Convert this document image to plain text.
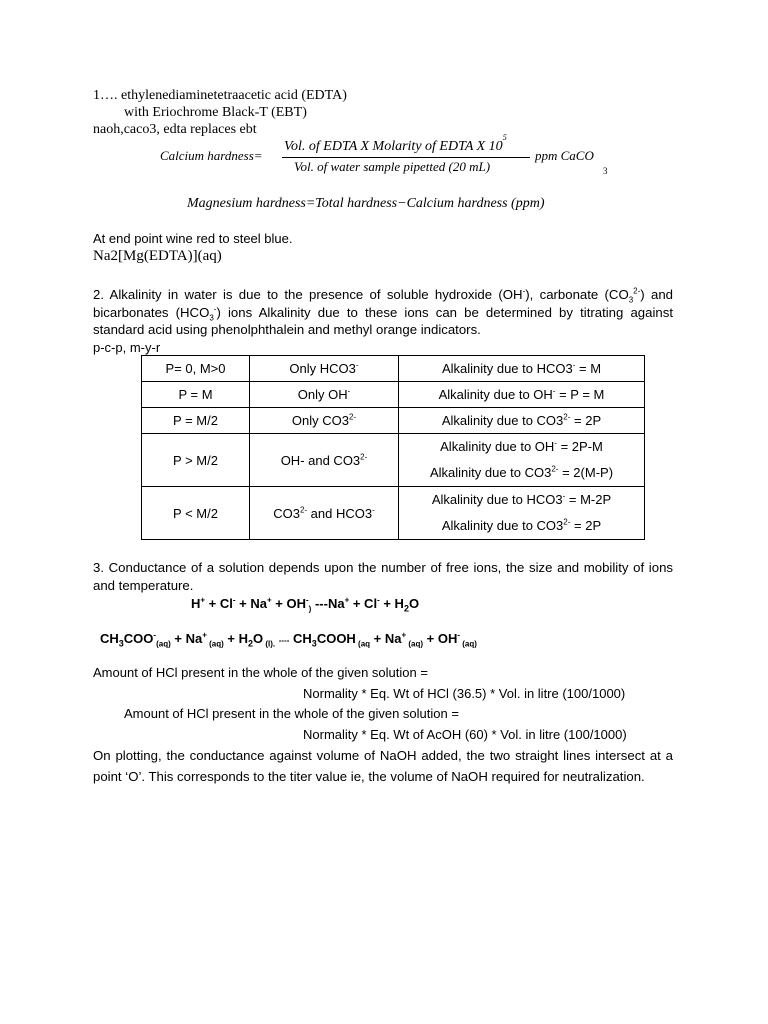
1…. ethylenediaminetetraacetic acid (EDTA)
with Eriochrome Black-T (EBT)
naoh,caco3, edta replaces ebt
Calcium hardness=
Vol. of EDTA X Molarity of EDTA X $10^5$
Vol. of water sample pipetted (20 mL)
ppm CaCO
3
Magnesium hardness=Total hardness−Calcium hardness (ppm)
At end point wine red to steel blue.
Na2[Mg(EDTA)](aq)
2. Alkalinity in water is due to the presence of soluble hydroxide (OH-), carbonate $(CO_3^{2-})$ and bicarbonates $(HCO_3^-)$ ions Alkalinity due to these ions can be determined by titrating against standard acid using phenolphthalein and methyl orange indicators.
p-c-p, m-y-r
P= 0, M>0	Only HCO3-	Alkalinity due to HCO3- = M
P = M	Only OH-	Alkalinity due to OH- = P = M
P = M/2	Only $CO3^{2-}$	Alkalinity due to $CO3^{2-} = 2P$
P > M/2	OH- and $CO3^{2-}$	Alkalinity due to OH- = 2P-M
Alkalinity due to $CO3^{2-} = 2(M-P)$

P < M/2	$CO3^{2-}$ and HCO3-	Alkalinity due to HCO3- = M-2P
Alkalinity due to $CO3^{2-} = 2P$
3. Conductance of a solution depends upon the number of free ions, the size and mobility of ions and temperature.
$H^+ + Cl^- + Na^+ + OH^-_)$ $---Na^+ + Cl^- + H_2O$
$CH_3COO^-_{(aq)} + Na^+$ $_{(aq)} + H_2O$ $_{(l).}$ ---- $CH_3COOH$ $_{(aq}$ + Na+ $_{(aq)}$ + OH- $_{(aq)}$
Amount of HCl present in the whole of the given solution =
Normality * Eq. Wt of HCl (36.5) * Vol. in litre (100/1000)
Amount of HCl present in the whole of the given solution =
Normality * Eq. Wt of AcOH (60) * Vol. in litre (100/1000)
On plotting, the conductance against volume of NaOH added, the two straight lines intersect at a point ‘O’. This corresponds to the titer value ie, the volume of NaOH required for neutralization.
